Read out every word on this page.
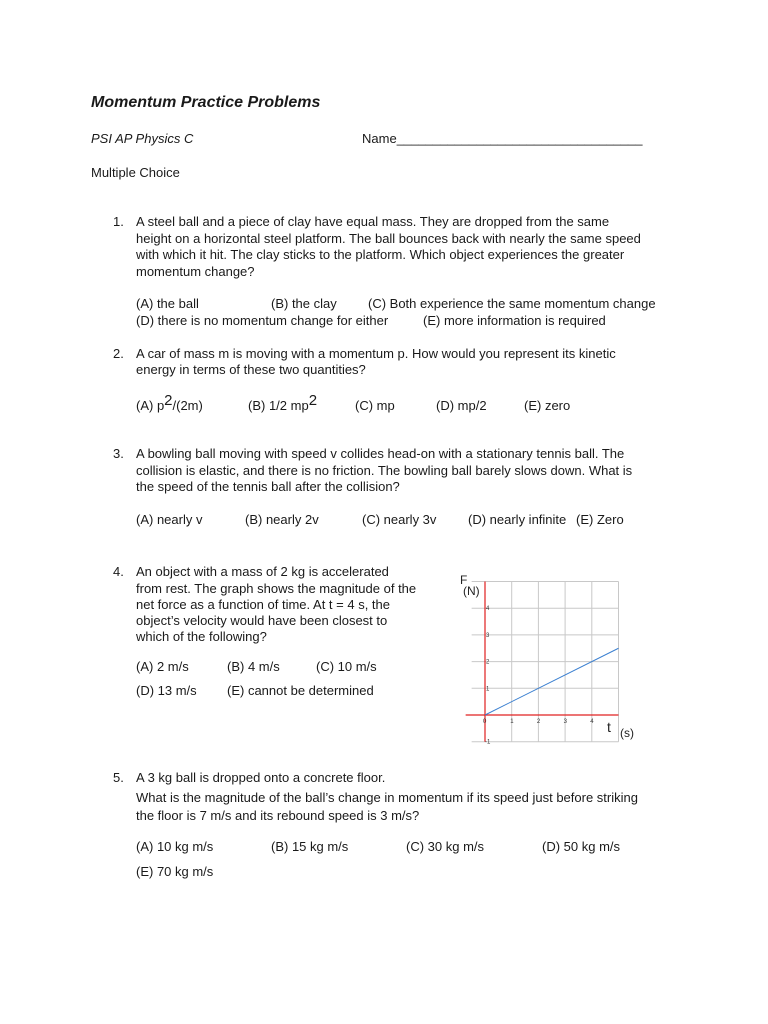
Momentum Practice Problems
PSI AP Physics C	Name__________________________________
Multiple Choice
1. A steel ball and a piece of clay have equal mass. They are dropped from the same
height on a horizontal steel platform. The ball bounces back with nearly the same speed
with which it hit. The clay sticks to the platform. Which object experiences the greater
momentum change?
(A) the ball	(B) the clay (C) Both experience the same momentum change
(D) there is no momentum change for either	(E) more information is required
2. A car of mass m is moving with a momentum p. How would you represent its kinetic
energy in terms of these two quantities?
(A) $p^2/(2m)$	(B) 1/2 $mp^2$	(C) mp	(D) mp/2	(E) zero
3. A bowling ball moving with speed v collides head-on with a stationary tennis ball. The
collision is elastic, and there is no friction. The bowling ball barely slows down. What is
the speed of the tennis ball after the collision?
(A) nearly v	(B) nearly 2v	(C) nearly 3v (D) nearly infinite (E) Zero
4. An object with a mass of 2 kg is accelerated
from rest. The graph shows the magnitude of the
net force as a function of time. At t = 4 s, the
object’s velocity would have been closest to
which of the following?
(A) 2 m/s	(B) 4 m/s	(C) 10 m/s
(D) 13 m/s (E) cannot be determined
0	1	2	3	4
-1
1
2
3
4
F
(N)
t (s)
5. A 3 kg ball is dropped onto a concrete floor.
What is the magnitude of the ball’s change in momentum if its speed just before striking
the floor is 7 m/s and its rebound speed is 3 m/s?
(A) 10 kg m/s	(B) 15 kg m/s	(C) 30 kg m/s	(D) 50 kg m/s
(E) 70 kg m/s
